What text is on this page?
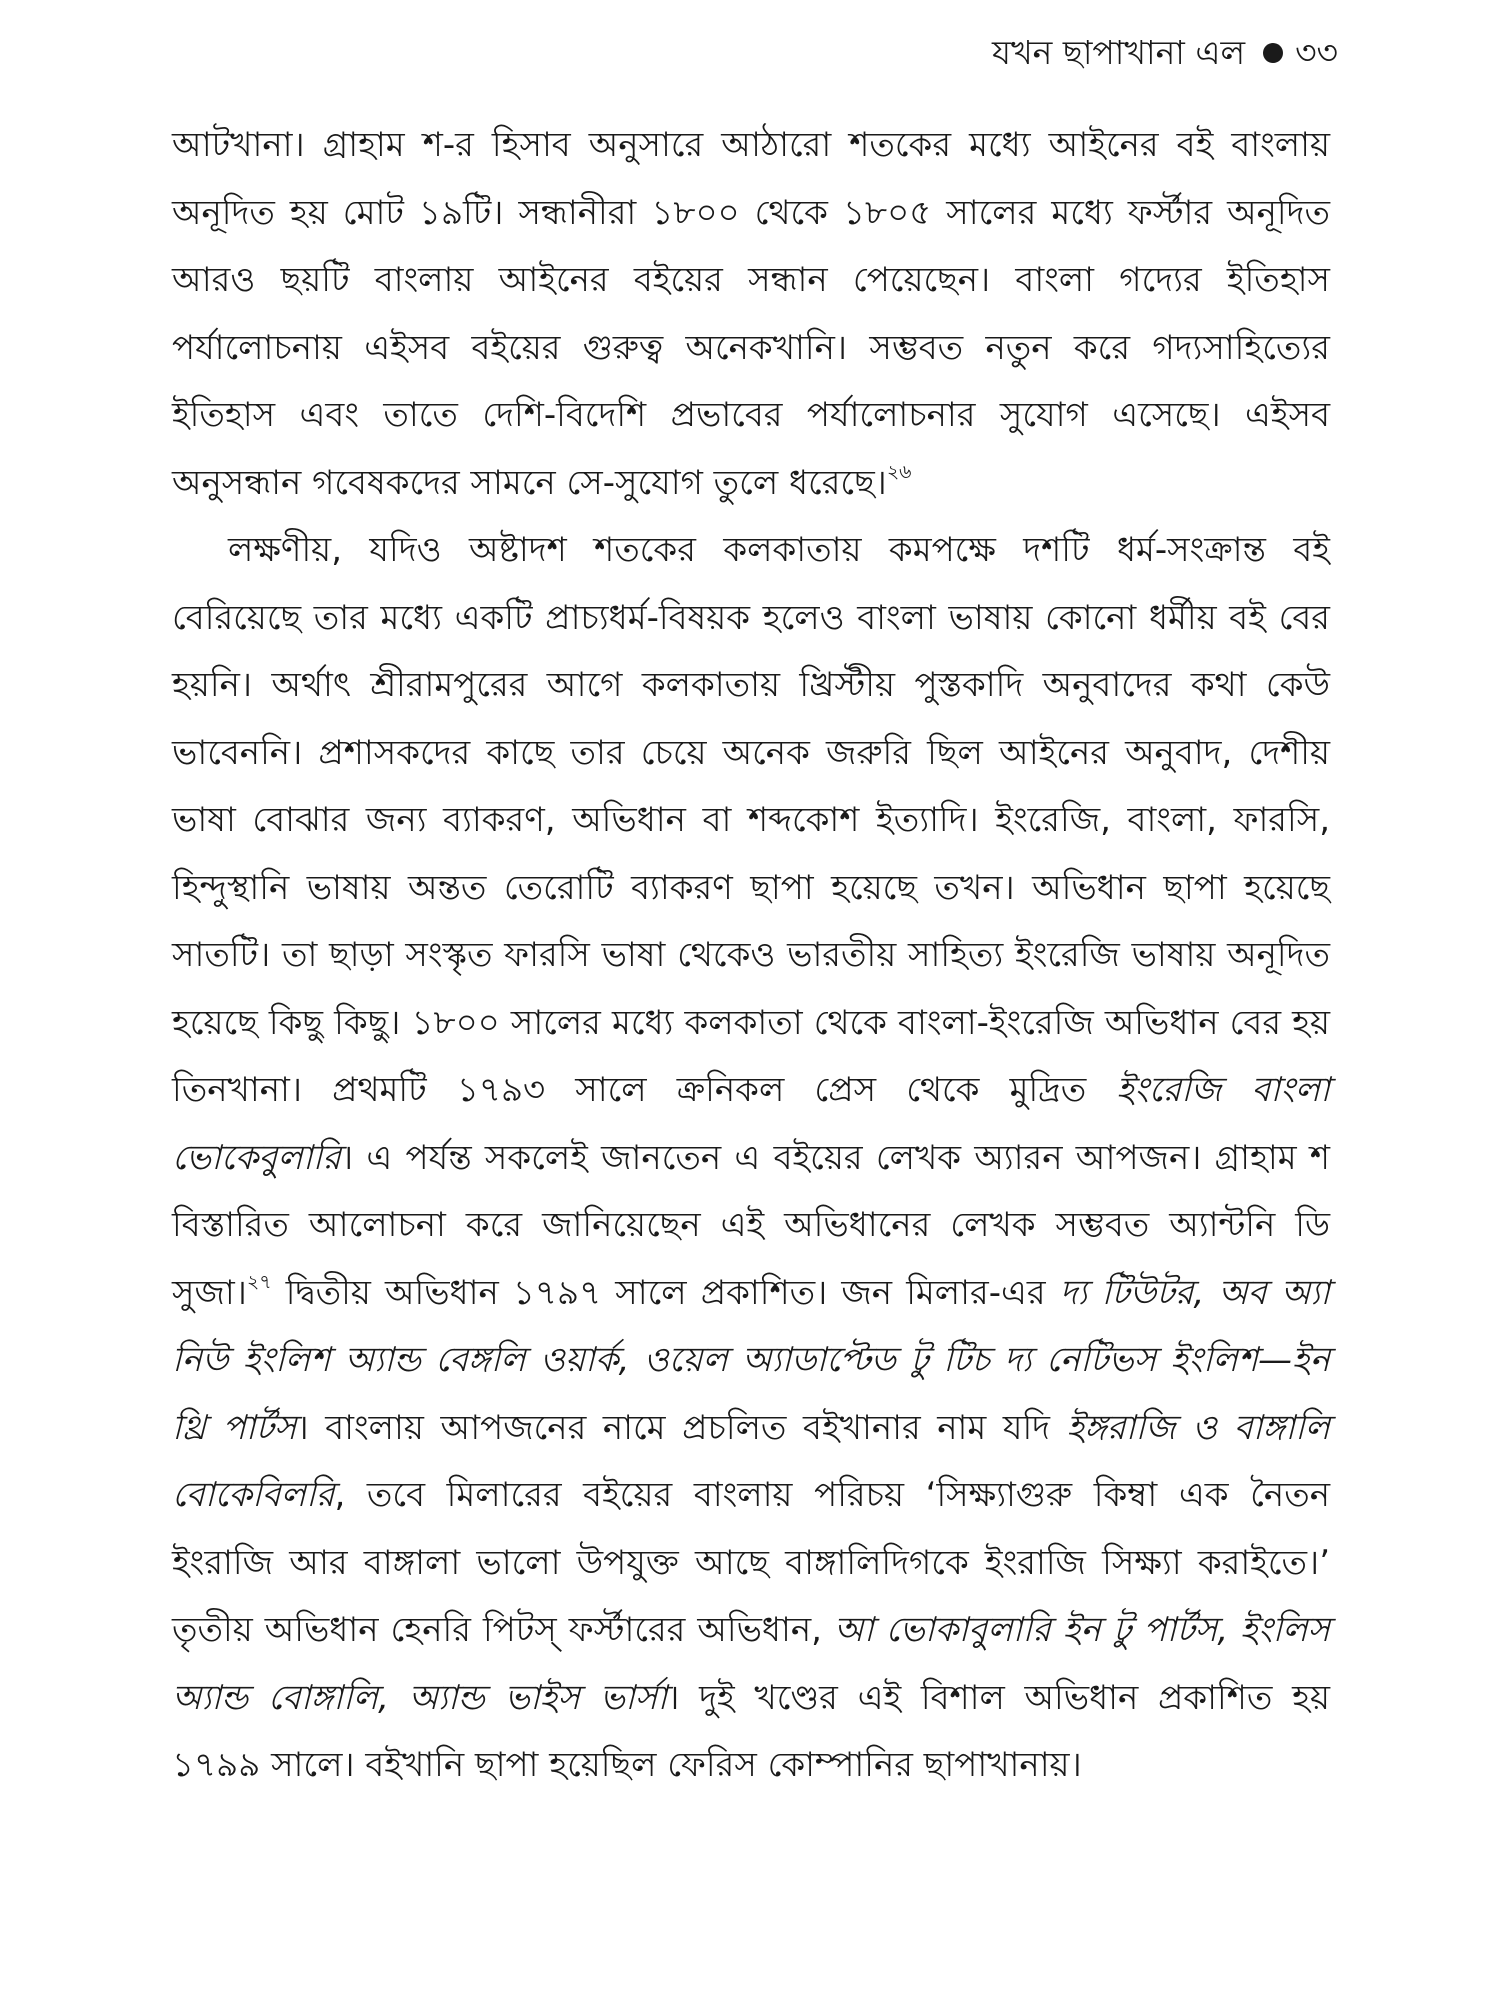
যখন ছাপাখানা এল ৩৩

আটখানা। গ্রাহাম শ-র হিসাব অনুসারে আঠারো শতকের মধ্যে আইনের বই বাংলায় অনূদিত হয় মোট ১৯টি। সন্ধানীরা ১৮০০ থেকে ১৮০৫ সালের মধ্যে ফর্স্টার অনূদিত আরও ছয়টি বাংলায় আইনের বইয়ের সন্ধান পেয়েছেন। বাংলা গদ্যের ইতিহাস পর্যালোচনায় এইসব বইয়ের গুরুত্ব অনেকখানি। সম্ভবত নতুন করে গদ্যসাহিত্যের ইতিহাস এবং তাতে দেশি-বিদেশি প্রভাবের পর্যালোচনার সুযোগ এসেছে। এইসব অনুসন্ধান গবেষকদের সামনে সে-সুযোগ তুলে ধরেছে।$^{২৬}$

লক্ষণীয়, যদিও অষ্টাদশ শতকের কলকাতায় কমপক্ষে দশটি ধর্ম-সংক্রান্ত বই বেরিয়েছে তার মধ্যে একটি প্রাচ্যধর্ম-বিষয়ক হলেও বাংলা ভাষায় কোনো ধর্মীয় বই বের হয়নি। অর্থাৎ শ্রীরামপুরের আগে কলকাতায় খ্রিস্টীয় পুস্তকাদি অনুবাদের কথা কেউ ভাবেননি। প্রশাসকদের কাছে তার চেয়ে অনেক জরুরি ছিল আইনের অনুবাদ, দেশীয় ভাষা বোঝার জন্য ব্যাকরণ, অভিধান বা শব্দকোশ ইত্যাদি। ইংরেজি, বাংলা, ফারসি, হিন্দুস্থানি ভাষায় অন্তত তেরোটি ব্যাকরণ ছাপা হয়েছে তখন। অভিধান ছাপা হয়েছে সাতটি। তা ছাড়া সংস্কৃত ফারসি ভাষা থেকেও ভারতীয় সাহিত্য ইংরেজি ভাষায় অনূদিত হয়েছে কিছু কিছু। ১৮০০ সালের মধ্যে কলকাতা থেকে বাংলা-ইংরেজি অভিধান বের হয় তিনখানা। প্রথমটি ১৭৯৩ সালে ক্রনিকল প্রেস থেকে মুদ্রিত ইংরেজি বাংলা ভোকেবুলারি। এ পর্যন্ত সকলেই জানতেন এ বইয়ের লেখক অ্যারন আপজন। গ্রাহাম শ বিস্তারিত আলোচনা করে জানিয়েছেন এই অভিধানের লেখক সম্ভবত অ্যান্টনি ডি সুজা।$^{২৭}$ দ্বিতীয় অভিধান ১৭৯৭ সালে প্রকাশিত। জন মিলার-এর দ্য টিউটর, অব অ্যা নিউ ইংলিশ অ্যান্ড বেঙ্গলি ওয়ার্ক, ওয়েল অ্যাডাপ্টেড টু টিচ দ্য নেটিভস ইংলিশ—ইন থ্রি পার্টস। বাংলায় আপজনের নামে প্রচলিত বইখানার নাম যদি ইঙ্গরাজি ও বাঙ্গালি বোকেবিলরি, তবে মিলারের বইয়ের বাংলায় পরিচয় ‘সিক্ষ্যাগুরু কিম্বা এক নৈতন ইংরাজি আর বাঙ্গালা ভালো উপযুক্ত আছে বাঙ্গালিদিগকে ইংরাজি সিক্ষ্যা করাইতে।’ তৃতীয় অভিধান হেনরি পিটস্ ফর্স্টারের অভিধান, আ ভোকাবুলারি ইন টু পার্টস, ইংলিস অ্যান্ড বোঙ্গালি, অ্যান্ড ভাইস ভার্সা। দুই খণ্ডের এই বিশাল অভিধান প্রকাশিত হয় ১৭৯৯ সালে। বইখানি ছাপা হয়েছিল ফেরিস কোম্পানির ছাপাখানায়।
